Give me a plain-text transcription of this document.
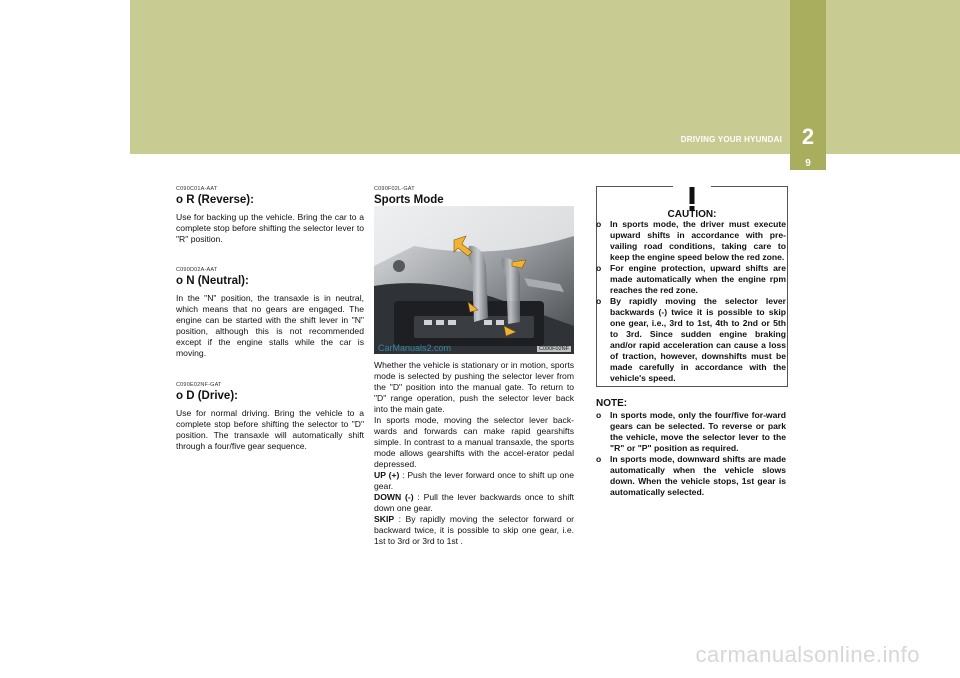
2
9
DRIVING YOUR HYUNDAI
C090C01A-AAT
o R (Reverse):
Use for backing up the vehicle. Bring the car to a complete stop before shifting the selector lever to "R" position.
C090D02A-AAT
o N (Neutral):
In the "N" position, the transaxle is in neutral, which means that no gears are engaged. The engine can be started with the shift lever in "N" position, although this is not recommended except if the engine stalls while the car is moving.
C090E02NF-GAT
o D (Drive):
Use for normal driving. Bring the vehicle to a complete stop before shifting the selector to "D" position. The transaxle will automatically shift through a four/five gear sequence.
C090F02L-GAT
Sports Mode
C090F02NF
CarManuals2.com

Whether the vehicle is stationary or in motion, sports mode is selected by pushing the selector lever from the "D" position into the manual gate. To return to "D" range operation, push the selector lever back into the main gate.

In sports mode, moving the selector lever back-wards and forwards can make rapid gearshifts simple. In contrast to a manual transaxle, the sports mode allows gearshifts with the accel-erator pedal depressed.

UP (+) : Push the lever forward once to shift up one gear.

DOWN (-) : Pull the lever backwards once to shift down one gear.

SKIP : By rapidly moving the selector forward or backward twice, it is possible to skip one gear, i.e. 1st to 3rd or 3rd to 1st .

CAUTION:
o In sports mode, the driver must execute upward shifts in accordance with pre-vailing road conditions, taking care to keep the engine speed below the red zone.
o For engine protection, upward shifts are made automatically when the engine rpm reaches the red zone.
o By rapidly moving the selector lever backwards (-) twice it is possible to skip one gear, i.e., 3rd to 1st, 4th to 2nd or 5th to 3rd. Since sudden engine braking and/or rapid acceleration can cause a loss of traction, however, downshifts must be made carefully in accordance with the vehicle's speed.
NOTE:
o In sports mode, only the four/five for-ward gears can be selected. To reverse or park the vehicle, move the selector lever to the "R" or "P" position as required.
o In sports mode, downward shifts are made automatically when the vehicle slows down. When the vehicle stops, 1st gear is automatically selected.
carmanualsonline.info
